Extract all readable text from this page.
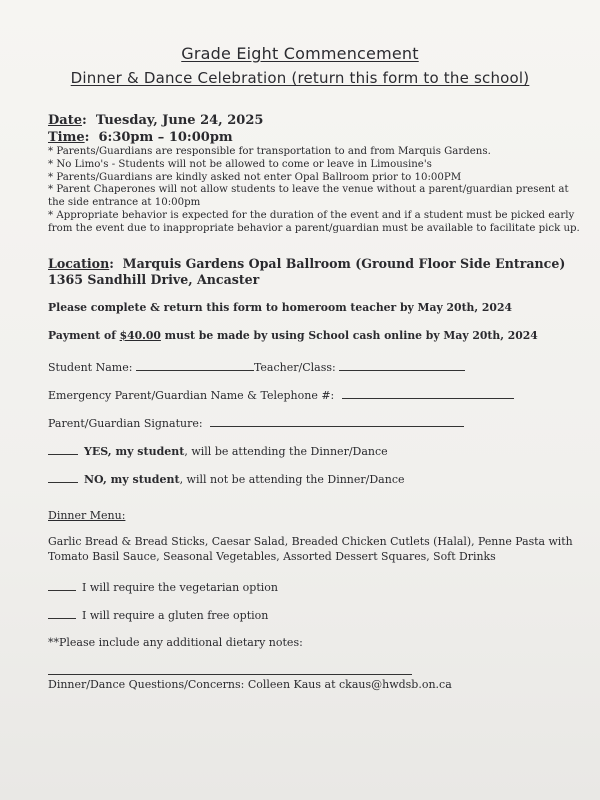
Grade Eight Commencement
Dinner & Dance Celebration (return this form to the school)
Date:  Tuesday, June 24, 2025
Time:  6:30pm – 10:00pm

* Parents/Guardians are responsible for transportation to and from Marquis Gardens.

* No Limo's - Students will not be allowed to come or leave in Limousine's

* Parents/Guardians are kindly asked not enter Opal Ballroom prior to 10:00PM

* Parent Chaperones will not allow students to leave the venue without a parent/guardian present at the side entrance at 10:00pm

* Appropriate behavior is expected for the duration of the event and if a student must be picked early from the event due to inappropriate behavior a parent/guardian must be available to facilitate pick up.

Location:  Marquis Gardens Opal Ballroom (Ground Floor Side Entrance)
1365 Sandhill Drive, Ancaster
Please complete & return this form to homeroom teacher by May 20th, 2024
Payment of $40.00 must be made by using School cash online by May 20th, 2024
Student Name:	Teacher/Class:
Emergency Parent/Guardian Name & Telephone #:
Parent/Guardian Signature:
YES, my student, will be attending the Dinner/Dance
NO, my student, will not be attending the Dinner/Dance
Dinner Menu:
Garlic Bread & Bread Sticks, Caesar Salad, Breaded Chicken Cutlets (Halal), Penne Pasta with Tomato Basil Sauce, Seasonal Vegetables, Assorted Dessert Squares, Soft Drinks
I will require the vegetarian option
I will require a gluten free option
**Please include any additional dietary notes:
Dinner/Dance Questions/Concerns: Colleen Kaus at ckaus@hwdsb.on.ca
